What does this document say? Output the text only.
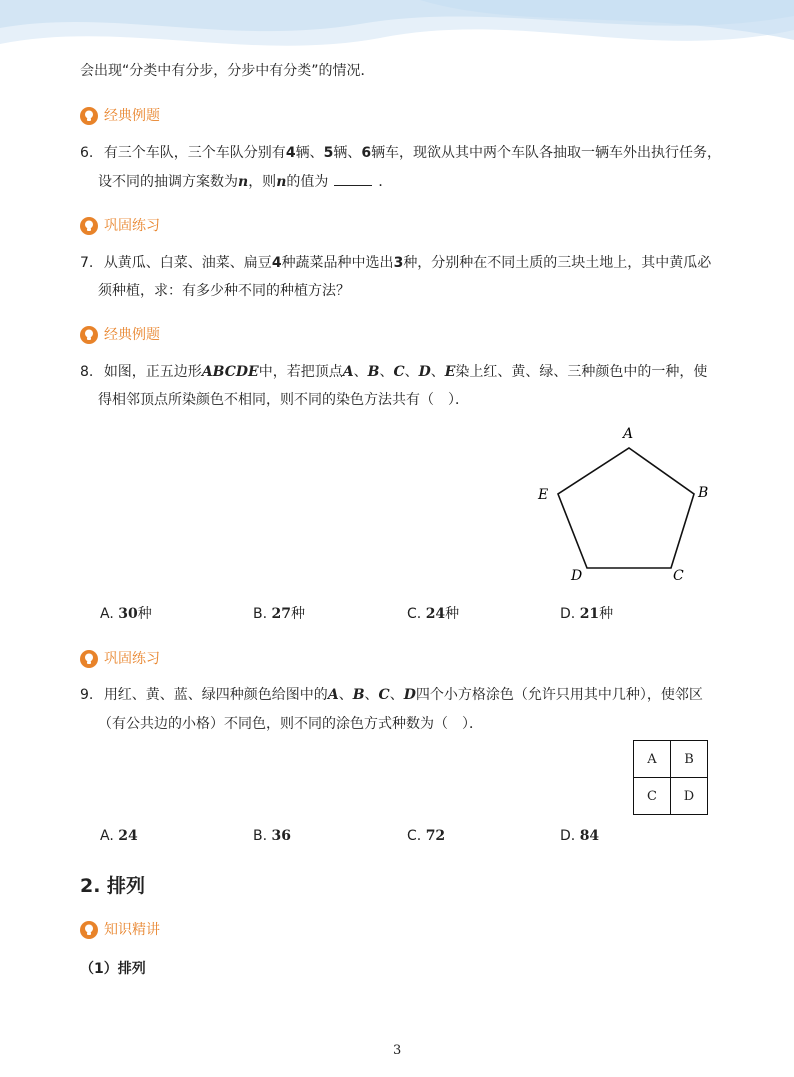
会出现“分类中有分步，分步中有分类”的情况．
经典例题
6. 有三个车队，三个车队分别有4辆、5辆、6辆车，现欲从其中两个车队各抽取一辆车外出执行任务，
设不同的抽调方案数为n，则n的值为	．
巩固练习
7. 从黄瓜、白菜、油菜、扁豆4种蔬菜品种中选出3种，分别种在不同土质的三块土地上，其中黄瓜必
须种植，求：有多少种不同的种植方法？
经典例题
8. 如图，正五边形ABCDE中，若把顶点A、B、C、D、E染上红、黄、绿、三种颜色中的一种，使
得相邻顶点所染颜色不相同，则不同的染色方法共有（　）．
A
B
C
D
E
A. 30种	B. 27种	C. 24种	D. 21种
巩固练习
9. 用红、黄、蓝、绿四种颜色给图中的A、B、C、D四个小方格涂色（允许只用其中几种），使邻区
（有公共边的小格）不同色，则不同的涂色方式种数为（　）．
A	B
C	D
A. 24	B. 36	C. 72	D. 84
2. 排列
知识精讲
（1）排列
3
